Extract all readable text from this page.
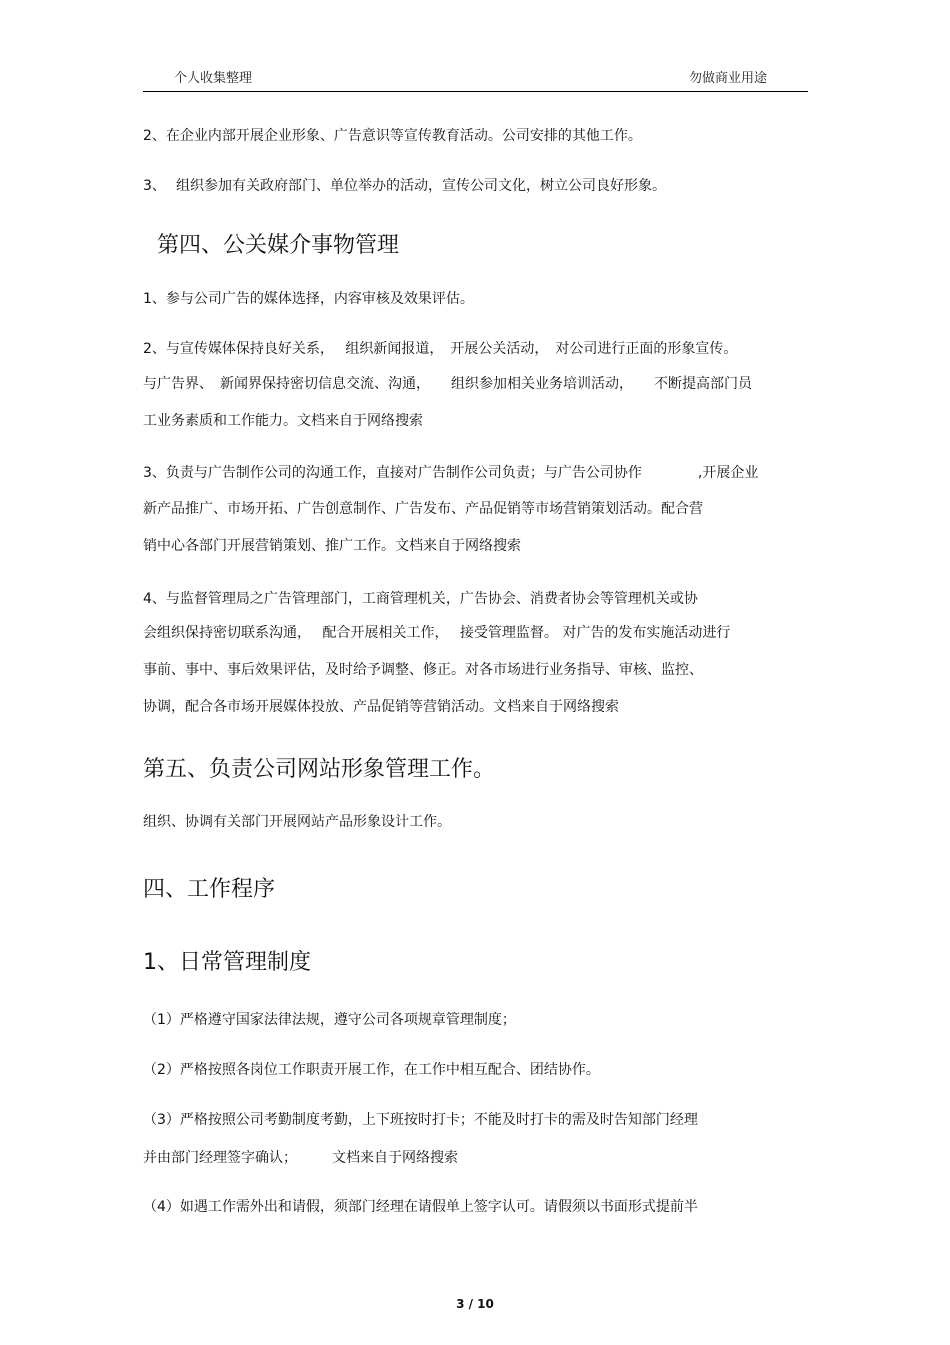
个人收集整理	勿做商业用途
2、在企业内部开展企业形象、广告意识等宣传教育活动。公司安排的其他工作。
3、 组织参加有关政府部门、单位举办的活动，宣传公司文化，树立公司良好形象。
第四、公关媒介事物管理
1、参与公司广告的媒体选择，内容审核及效果评估。
2、与宣传媒体保持良好关系，　 组织新闻报道，　开展公关活动，　对公司进行正面的形象宣传。
与广告界、　新闻界保持密切信息交流、沟通，　　组织参加相关业务培训活动，　　不断提高部门员
工业务素质和工作能力。文档来自于网络搜索
3、负责与广告制作公司的沟通工作，直接对广告制作公司负责；与广告公司协作　　　　,开展企业
新产品推广、市场开拓、广告创意制作、广告发布、产品促销等市场营销策划活动。配合营
销中心各部门开展营销策划、推广工作。文档来自于网络搜索
4、与监督管理局之广告管理部门，工商管理机关，广告协会、消费者协会等管理机关或协
会组织保持密切联系沟通，　 配合开展相关工作，　 接受管理监督。 对广告的发布实施活动进行
事前、事中、事后效果评估，及时给予调整、修正。对各市场进行业务指导、审核、监控、
协调，配合各市场开展媒体投放、产品促销等营销活动。文档来自于网络搜索
第五、负责公司网站形象管理工作。
组织、协调有关部门开展网站产品形象设计工作。
四、工作程序
1、日常管理制度
（1）严格遵守国家法律法规，遵守公司各项规章管理制度；
（2）严格按照各岗位工作职责开展工作，在工作中相互配合、团结协作。
（3）严格按照公司考勤制度考勤，上下班按时打卡；不能及时打卡的需及时告知部门经理
并由部门经理签字确认；　　　文档来自于网络搜索
（4）如遇工作需外出和请假，须部门经理在请假单上签字认可。请假须以书面形式提前半
3 / 10
